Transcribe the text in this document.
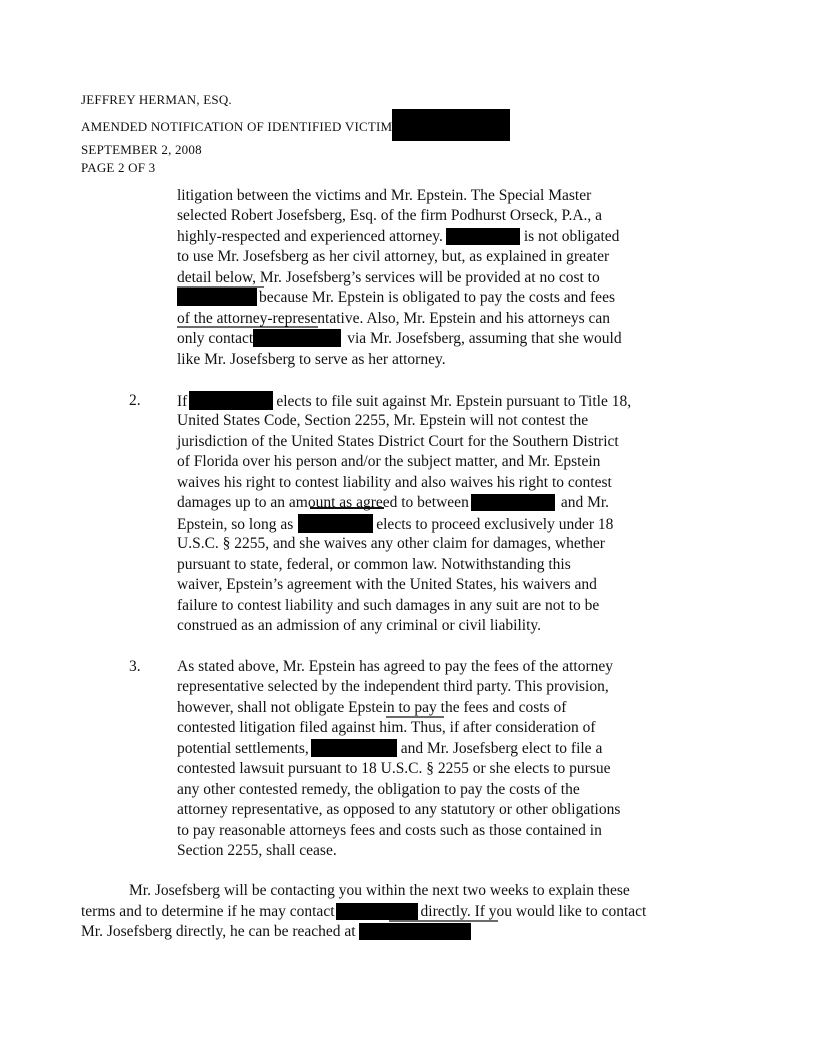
JEFFREY HERMAN, ESQ.
AMENDED NOTIFICATION OF IDENTIFIED VICTIM
SEPTEMBER 2, 2008
PAGE 2 OF 3
litigation between the victims and Mr. Epstein. The Special Master
selected Robert Josefsberg, Esq. of the firm Podhurst Orseck, P.A., a
highly-respected and experienced attorney.	is not obligated
to use Mr. Josefsberg as her civil attorney, but, as explained in greater
detail below, Mr. Josefsberg’s services will be provided at no cost to
because Mr. Epstein is obligated to pay the costs and fees
of the attorney-representative. Also, Mr. Epstein and his attorneys can
only contact	via Mr. Josefsberg, assuming that she would
like Mr. Josefsberg to serve as her attorney.
2. If	elects to file suit against Mr. Epstein pursuant to Title 18,
United States Code, Section 2255, Mr. Epstein will not contest the
jurisdiction of the United States District Court for the Southern District
of Florida over his person and/or the subject matter, and Mr. Epstein
waives his right to contest liability and also waives his right to contest
damages up to an amount as agreed to between	and Mr.
Epstein, so long as	elects to proceed exclusively under 18
U.S.C. § 2255, and she waives any other claim for damages, whether
pursuant to state, federal, or common law. Notwithstanding this
waiver, Epstein’s agreement with the United States, his waivers and
failure to contest liability and such damages in any suit are not to be
construed as an admission of any criminal or civil liability.
3. As stated above, Mr. Epstein has agreed to pay the fees of the attorney
representative selected by the independent third party. This provision,
however, shall not obligate Epstein to pay the fees and costs of
contested litigation filed against him. Thus, if after consideration of
potential settlements,	and Mr. Josefsberg elect to file a
contested lawsuit pursuant to 18 U.S.C. § 2255 or she elects to pursue
any other contested remedy, the obligation to pay the costs of the
attorney representative, as opposed to any statutory or other obligations
to pay reasonable attorneys fees and costs such as those contained in
Section 2255, shall cease.
Mr. Josefsberg will be contacting you within the next two weeks to explain these
terms and to determine if he may contact	directly. If you would like to contact
Mr. Josefsberg directly, he can be reached at
